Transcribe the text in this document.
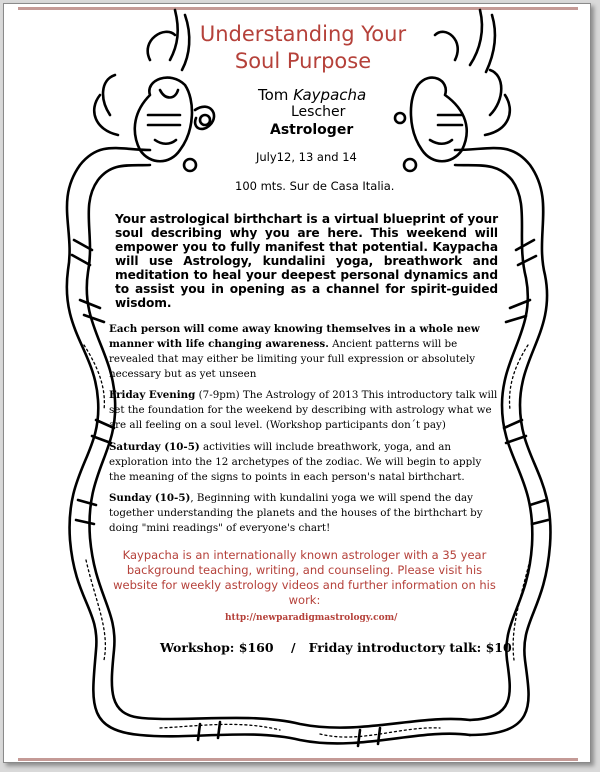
Understanding Your
Soul Purpose
Tom Kaypacha
Lescher
Astrologer
July12, 13 and 14
100 mts. Sur de Casa Italia.
Your astrological birthchart is a virtual blueprint of your soul describing why you are here. This weekend will empower you to fully manifest that potential. Kaypacha will use Astrology, kundalini yoga, breathwork and meditation to heal your deepest personal dynamics and to assist you in opening as a channel for spirit-guided wisdom.
Each person will come away knowing themselves in a whole new manner with life changing awareness. Ancient patterns will be revealed that may either be limiting your full expression or absolutely necessary but as yet unseen
Friday Evening (7-9pm) The Astrology of 2013 This introductory talk will set the foundation for the weekend by describing with astrology what we are all feeling on a soul level. (Workshop participants don´t pay)
Saturday (10-5) activities will include breathwork, yoga, and an exploration into the 12 archetypes of the zodiac. We will begin to apply the meaning of the signs to points in each person's natal birthchart.
Sunday (10-5), Beginning with kundalini yoga we will spend the day together understanding the planets and the houses of the birthchart by doing "mini readings" of everyone's chart!
Kaypacha is an internationally known astrologer with a 35 year background teaching, writing, and counseling. Please visit his website for weekly astrology videos and further information on his work:
http://newparadigmastrology.com/
Workshop: $160    /   Friday introductory talk: $10
